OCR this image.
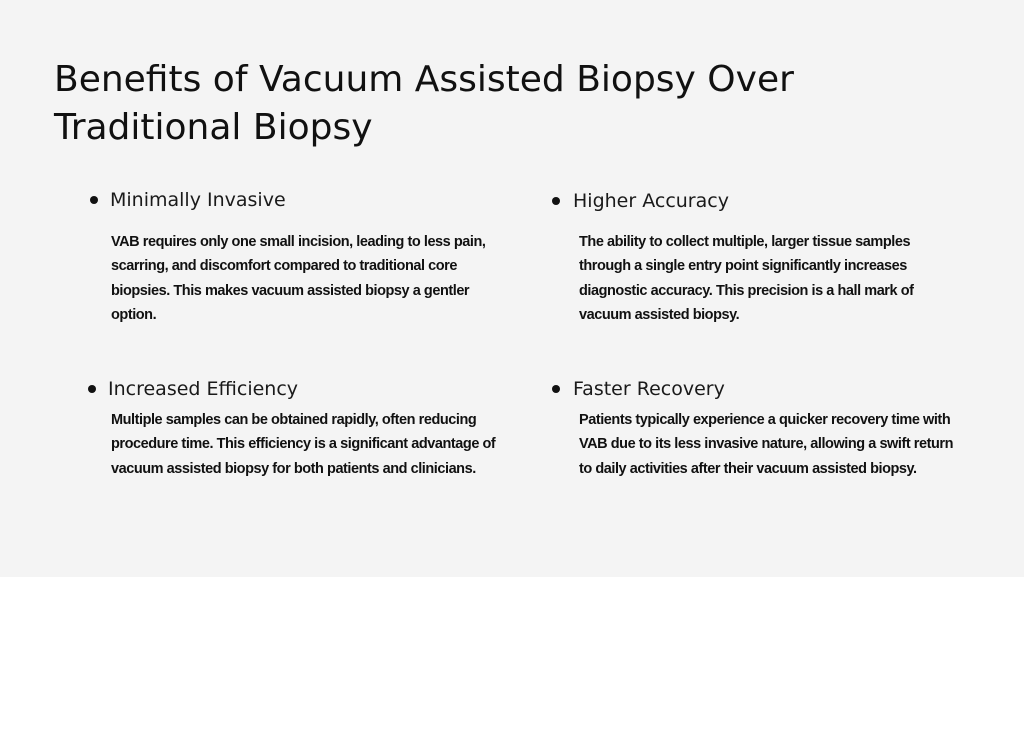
Benefits of Vacuum Assisted Biopsy Over Traditional Biopsy
Minimally Invasive

VAB requires only one small incision, leading to less pain, scarring, and discomfort compared to traditional core biopsies. This makes vacuum assisted biopsy a gentler option.

Higher Accuracy

The ability to collect multiple, larger tissue samples through a single entry point significantly increases diagnostic accuracy. This precision is a hall mark of vacuum assisted biopsy.

Increased Efficiency

Multiple samples can be obtained rapidly, often reducing procedure time. This efficiency is a significant advantage of vacuum assisted biopsy for both patients and clinicians.

Faster Recovery

Patients typically experience a quicker recovery time with VAB due to its less invasive nature, allowing a swift return to daily activities after their vacuum assisted biopsy.
